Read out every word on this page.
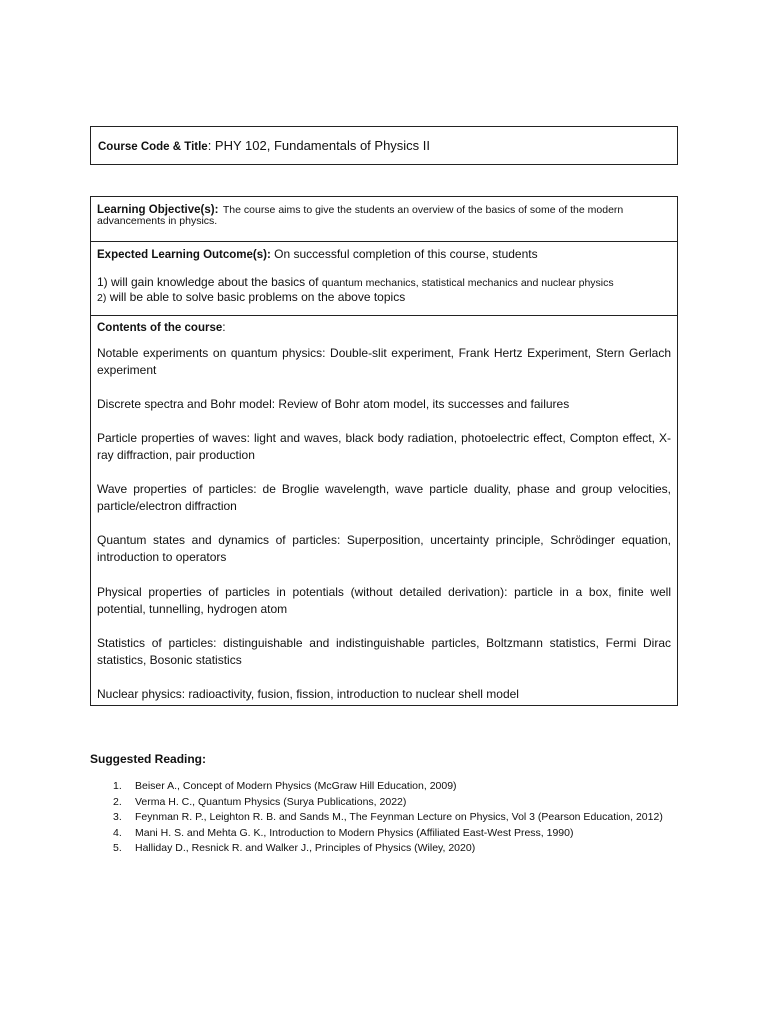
Course Code & Title: PHY 102, Fundamentals of Physics II
Learning Objective(s): The course aims to give the students an overview of the basics of some of the modern
advancements in physics.
Expected Learning Outcome(s): On successful completion of this course, students
1) will gain knowledge about the basics of quantum mechanics, statistical mechanics and nuclear physics
2) will be able to solve basic problems on the above topics
Contents of the course:
Notable experiments on quantum physics: Double-slit experiment, Frank Hertz Experiment, Stern Gerlach experiment
Discrete spectra and Bohr model: Review of Bohr atom model, its successes and failures
Particle properties of waves: light and waves, black body radiation, photoelectric effect, Compton effect, X-ray diffraction, pair production
Wave properties of particles: de Broglie wavelength, wave particle duality, phase and group velocities, particle/electron diffraction
Quantum states and dynamics of particles: Superposition, uncertainty principle, Schrödinger equation, introduction to operators
Physical properties of particles in potentials (without detailed derivation): particle in a box, finite well potential, tunnelling, hydrogen atom
Statistics of particles: distinguishable and indistinguishable particles, Boltzmann statistics, Fermi Dirac statistics, Bosonic statistics
Nuclear physics: radioactivity, fusion, fission, introduction to nuclear shell model
Suggested Reading:
1. Beiser A., Concept of Modern Physics (McGraw Hill Education, 2009)
2. Verma H. C., Quantum Physics (Surya Publications, 2022)
3. Feynman R. P., Leighton R. B. and Sands M., The Feynman Lecture on Physics, Vol 3 (Pearson Education, 2012)
4. Mani H. S. and Mehta G. K., Introduction to Modern Physics (Affiliated East-West Press, 1990)
5. Halliday D., Resnick R. and Walker J., Principles of Physics (Wiley, 2020)
